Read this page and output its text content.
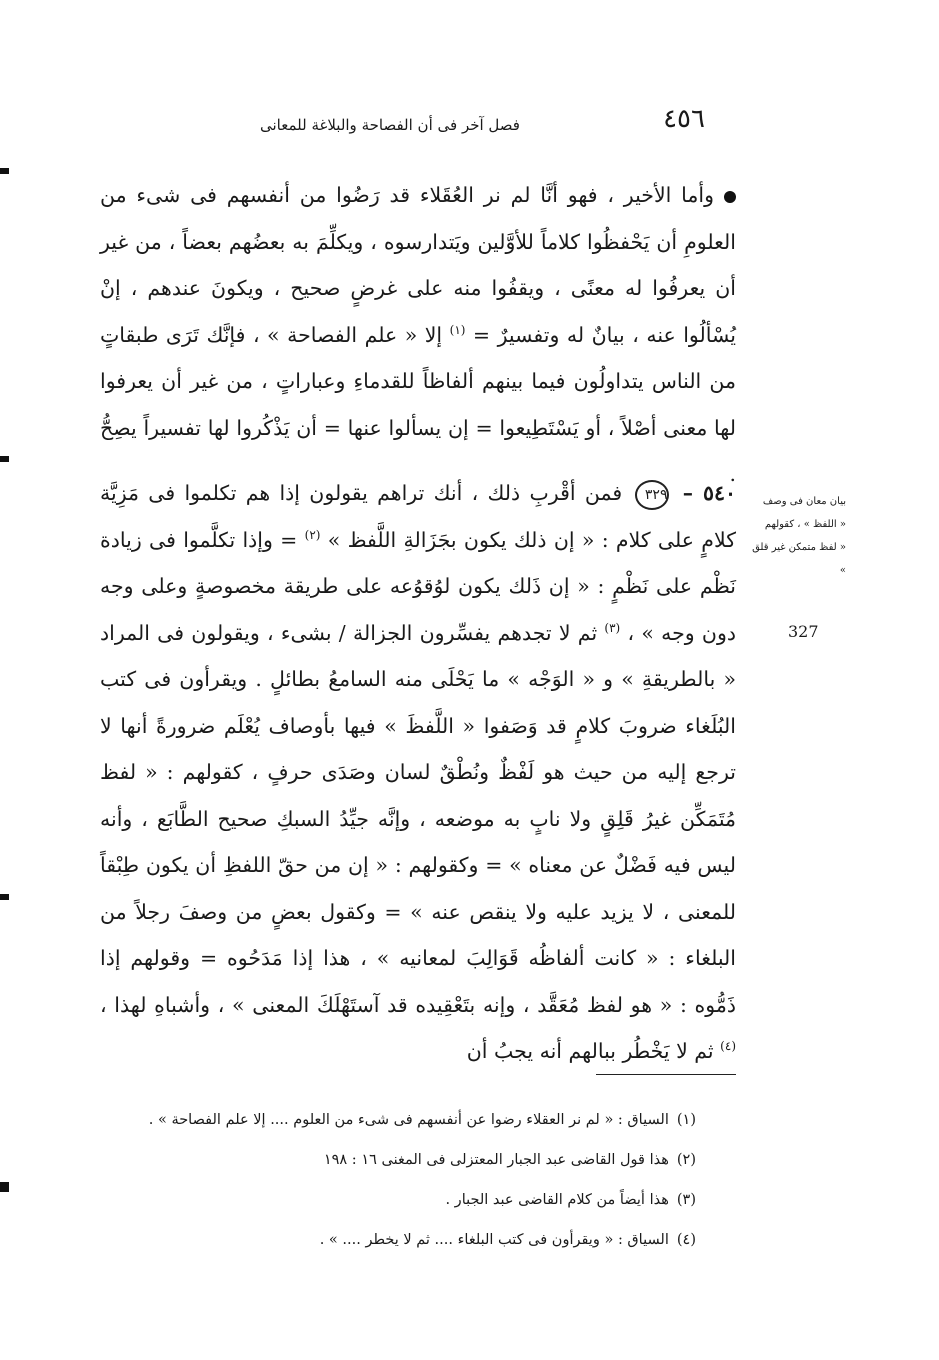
٤٥٦
فصل آخر فى أن الفصاحة والبلاغة للمعانى
وأما الأخير ، فهو أنَّا لم نر العُقَلاء قد رَضُوا من أنفسهم فى شىء من العلومِ أن يَحْفظُوا كلاماً للأوَّلين ويَتدارسوه ، ويكلِّمَ به بعضُهم بعضاً ، من غير أن يعرفُوا له معنًى ، ويقفُوا منه على غرضٍ صحيح ، ويكونَ عندهم ، إنْ يُسْألُوا عنه ، بيانٌ له وتفسيرٌ = $^{(١)}$ إلا « علم الفصاحة » ، فإنَّك تَرَى طبقاتٍ من الناس يتداولُون فيما بينهم ألفاظاً للقدماءِ وعباراتٍ ، من غير أن يعرفوا لها معنى أصْلاً ، أو يَسْتَطِيعوا = إن يسألوا عنها = أن يَذْكُروا لها تفسيراً يصِحُّ .
٥٤٠ – ٣٢٩ فمن أقْربِ ذلك ، أنك تراهم يقولون إذا هم تكلموا فى مَزِيَّة كلامٍ على كلام : « إن ذلك يكون بجَزَالةِ اللَّفظ » $^{(٢)}$ = وإذا تكلَّموا فى زيادة نَظْم على نَظْمٍ : « إن ذَلك يكون لوُقوُعه على طريقة مخصوصةٍ وعلى وجه دون وجه » ، $^{(٣)}$ ثم لا تجدهم يفسِّرون الجزالة / بشىء ، ويقولون فى المراد « بالطريقةِ » و « الوَجْه » ما يَحْلَى منه السامعُ بطائلٍ . ويقرأون فى كتب البُلَغاء ضروبَ كلامٍ قد وَصَفوا « اللَّفظَ » فيها بأوصاف يُعْلَم ضرورةً أنها لا ترجع إليه من حيث هو لَفْظٌ ونُطْقٌ لسان وصَدَى حرفٍ ، كقولهم : « لفظ مُتَمَكِّن غيرُ قَلِقٍ ولا نابٍ به موضعه ، وإنَّه جيِّدُ السبكِ صحيح الطَّابَع ، وأنه ليس فيه فَضْلٌ عن معناه » = وكقولهم : « إن من حقّ اللفظِ أن يكون طِبْقاً للمعنى ، لا يزيد عليه ولا ينقص عنه » = وكقول بعضٍ من وصفَ رجلاً من البلغاء : « كانت ألفاظُه قَوَالِبَ لمعانيه » ، هذا إذا مَدَحُوه = وقولهم إذا ذَمُّوه : « هو لفظ مُعَقَّد ، وإنه بتَعْقِيده قد آستَهْلَكَ المعنى » ، وأشباهِ لهذا ، $^{(٤)}$ ثم لا يَخْطُر ببالهم أنه يجبُ أن
بيان معان فى وصف
« اللفظ » ، كقولهم
« لفظ متمكن غير قلق »
327
(١)السياق : « لم نر العقلاء رضوا عن أنفسهم فى شىء من العلوم .... إلا علم الفصاحة » .
(٢)هذا قول القاضى عبد الجبار المعتزلى فى المغنى ١٦ : ١٩٨
(٣)هذا أيضاً من كلام القاضى عبد الجبار .
(٤)السياق : « ويقرأون فى كتب البلغاء .... ثم لا يخطر .... » .
